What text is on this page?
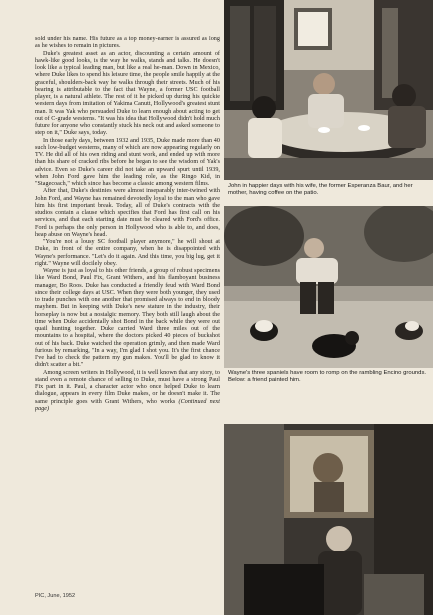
sold under his name. His future as a top money-earner is assured as long as he wishes to remain in pictures.

Duke's greatest asset as an actor, discounting a certain amount of hawk-like good looks, is the way he walks, stands and talks. He doesn't look like a typical leading man, but like a real he-man. Down in Mexico, where Duke likes to spend his leisure time, the people smile happily at the graceful, shoulders-back way he walks through their streets. Much of his bearing is attributable to the fact that Wayne, a former USC football player, is a natural athlete. The rest of it he picked up during his quickie western days from imitation of Yakima Canutt, Hollywood's greatest stunt man. It was Yak who persuaded Duke to learn enough about acting to get out of C-grade westerns. "It was his idea that Hollywood didn't hold much future for anyone who constantly stuck his neck out and asked someone to step on it," Duke says, today.

In those early days, between 1932 and 1935, Duke made more than 40 such low-budget westerns, many of which are now appearing regularly on TV. He did all of his own riding and stunt work, and ended up with more than his share of cracked ribs before he began to see the wisdom of Yak's advice. Even so Duke's career did not take an upward spurt until 1939, when John Ford gave him the leading role, as the Ringo Kid, in "Stagecoach," which since has become a classic among western films.

After that, Duke's destinies were almost inseparably inter-twined with John Ford, and Wayne has remained devotedly loyal to the man who gave him his first important break. Today, all of Duke's contracts with the studios contain a clause which specifies that Ford has first call on his services, and that each starting date must be cleared with Ford's office. Ford is perhaps the only person in Hollywood who is able to, and does, heap abuse on Wayne's head.

"You're not a lousy SC football player anymore," he will shout at Duke, in front of the entire company, when he is disappointed with Wayne's performance. "Let's do it again. And this time, you big lug, get it right." Wayne will docilely obey.

Wayne is just as loyal to his other friends, a group of robust specimens like Ward Bond, Paul Fix, Grant Withers, and his flamboyant business manager, Bo Roos. Duke has conducted a friendly feud with Ward Bond since their college days at USC. When they were both younger, they used to trade punches with one another that promised always to end in bloody mayhem. But in keeping with Duke's new stature in the industry, their horseplay is now but a nostalgic memory. They both still laugh about the time when Duke accidentally shot Bond in the back while they were out quail hunting together. Duke carried Ward three miles out of the mountains to a hospital, where the doctors picked 40 pieces of buckshot out of his back. Duke watched the operation grimly, and then made Ward furious by remarking, "In a way, I'm glad I shot you. It's the first chance I've had to check the pattern my gun makes. You'll be glad to know it didn't scatter a bit."

Among screen writers in Hollywood, it is well known that any story, to stand even a remote chance of selling to Duke, must have a strong Paul Fix part in it. Paul, a character actor who once helped Duke to learn dialogue, appears in every film Duke makes, or he doesn't make it. The same principle goes with Grant Withers, who works (Continued next page)

PIC, June, 1952
John in happier days with his wife, the former Esperanza Baur, and her mother, having coffee on the patio.
Wayne's three spaniels have room to romp on the rambling Encino grounds. Below: a friend painted him.
